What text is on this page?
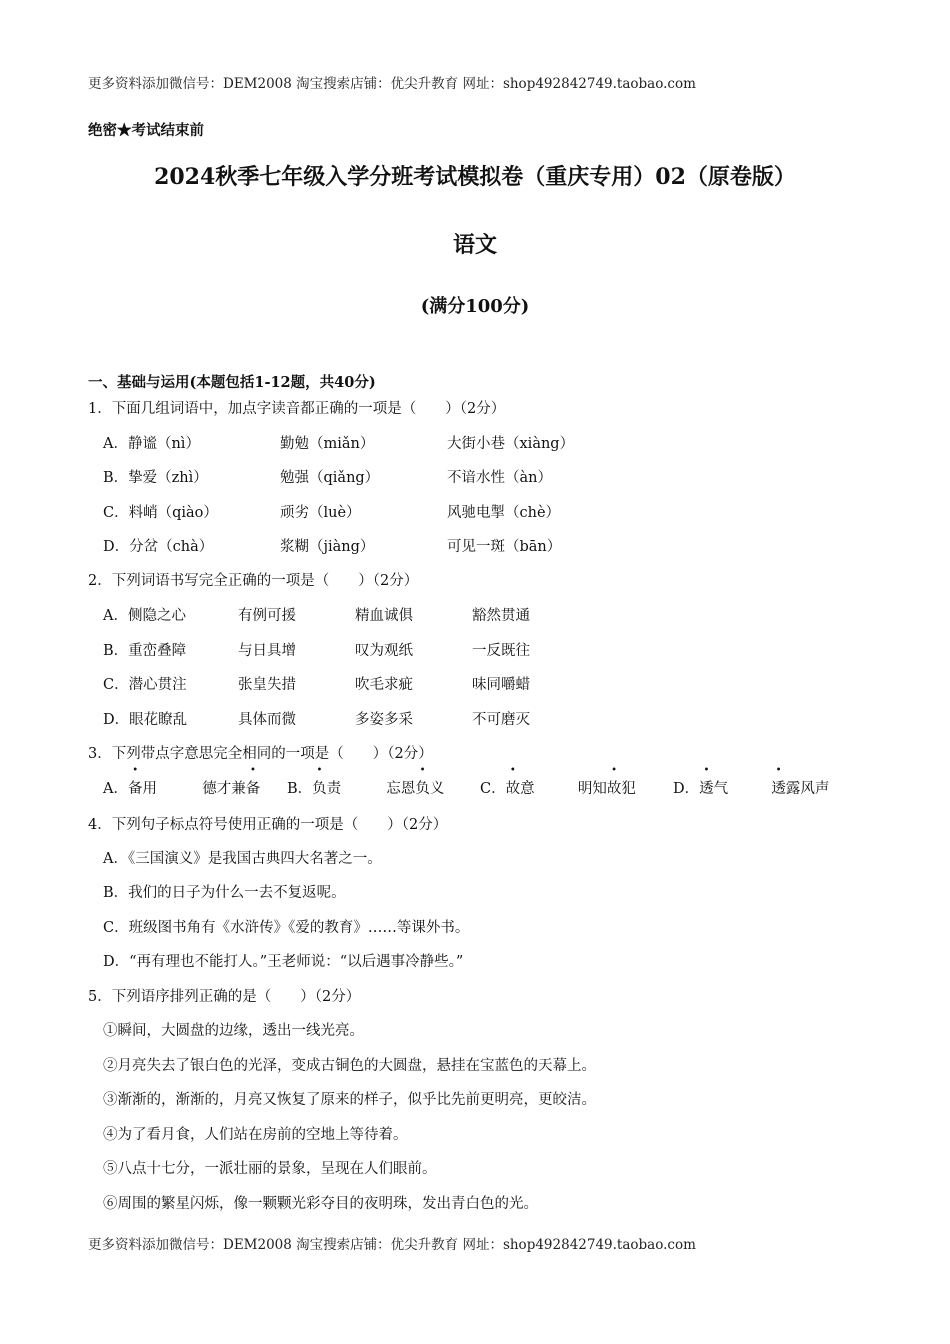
更多资料添加微信号：DEM2008 淘宝搜索店铺：优尖升教育 网址：shop492842749.taobao.com
绝密★考试结束前
2024秋季七年级入学分班考试模拟卷（重庆专用）02（原卷版）
语文
(满分100分)
一、基础与运用(本题包括1-12题，共40分)
1．下面几组词语中，加点字读音都正确的一项是（　　）（2分）
A．静谧（nì）	勤勉（miǎn）	大街小巷（xiàng）
B．挚爱（zhì）	勉强（qiǎng）	不谙水性（àn）
C．料峭（qiào）	顽劣（luè）	风驰电掣（chè）
D．分岔（chà）	浆糊（jiàng）	可见一斑（bān）
2．下列词语书写完全正确的一项是（　　）（2分）
A．侧隐之心	有例可援	精血诚俱	豁然贯通
B．重峦叠障	与日具增	叹为观纸	一反既往
C．潜心贯注	张皇失措	吹毛求疵	味同嚼蜡
D．眼花瞭乱	具体而微	多姿多采	不可磨灭
3．下列带点字意思完全相同的一项是（　　）（2分）
A．备用	德才兼备 B．负责	忘恩负义 C．故意	明知故犯	D．透气	透露风声
4．下列句子标点符号使用正确的一项是（　　）（2分）
A．《三国演义》是我国古典四大名著之一。
B．我们的日子为什么一去不复返呢。
C．班级图书角有《水浒传》《爱的教育》……等课外书。
D．“再有理也不能打人。”王老师说：“以后遇事冷静些。”
5．下列语序排列正确的是（　　）（2分）
①瞬间，大圆盘的边缘，透出一线光亮。
②月亮失去了银白色的光泽，变成古铜色的大圆盘，悬挂在宝蓝色的天幕上。
③渐渐的，渐渐的，月亮又恢复了原来的样子，似乎比先前更明亮，更皎洁。
④为了看月食，人们站在房前的空地上等待着。
⑤八点十七分，一派壮丽的景象，呈现在人们眼前。
⑥周围的繁星闪烁，像一颗颗光彩夺目的夜明珠，发出青白色的光。
更多资料添加微信号：DEM2008 淘宝搜索店铺：优尖升教育 网址：shop492842749.taobao.com
